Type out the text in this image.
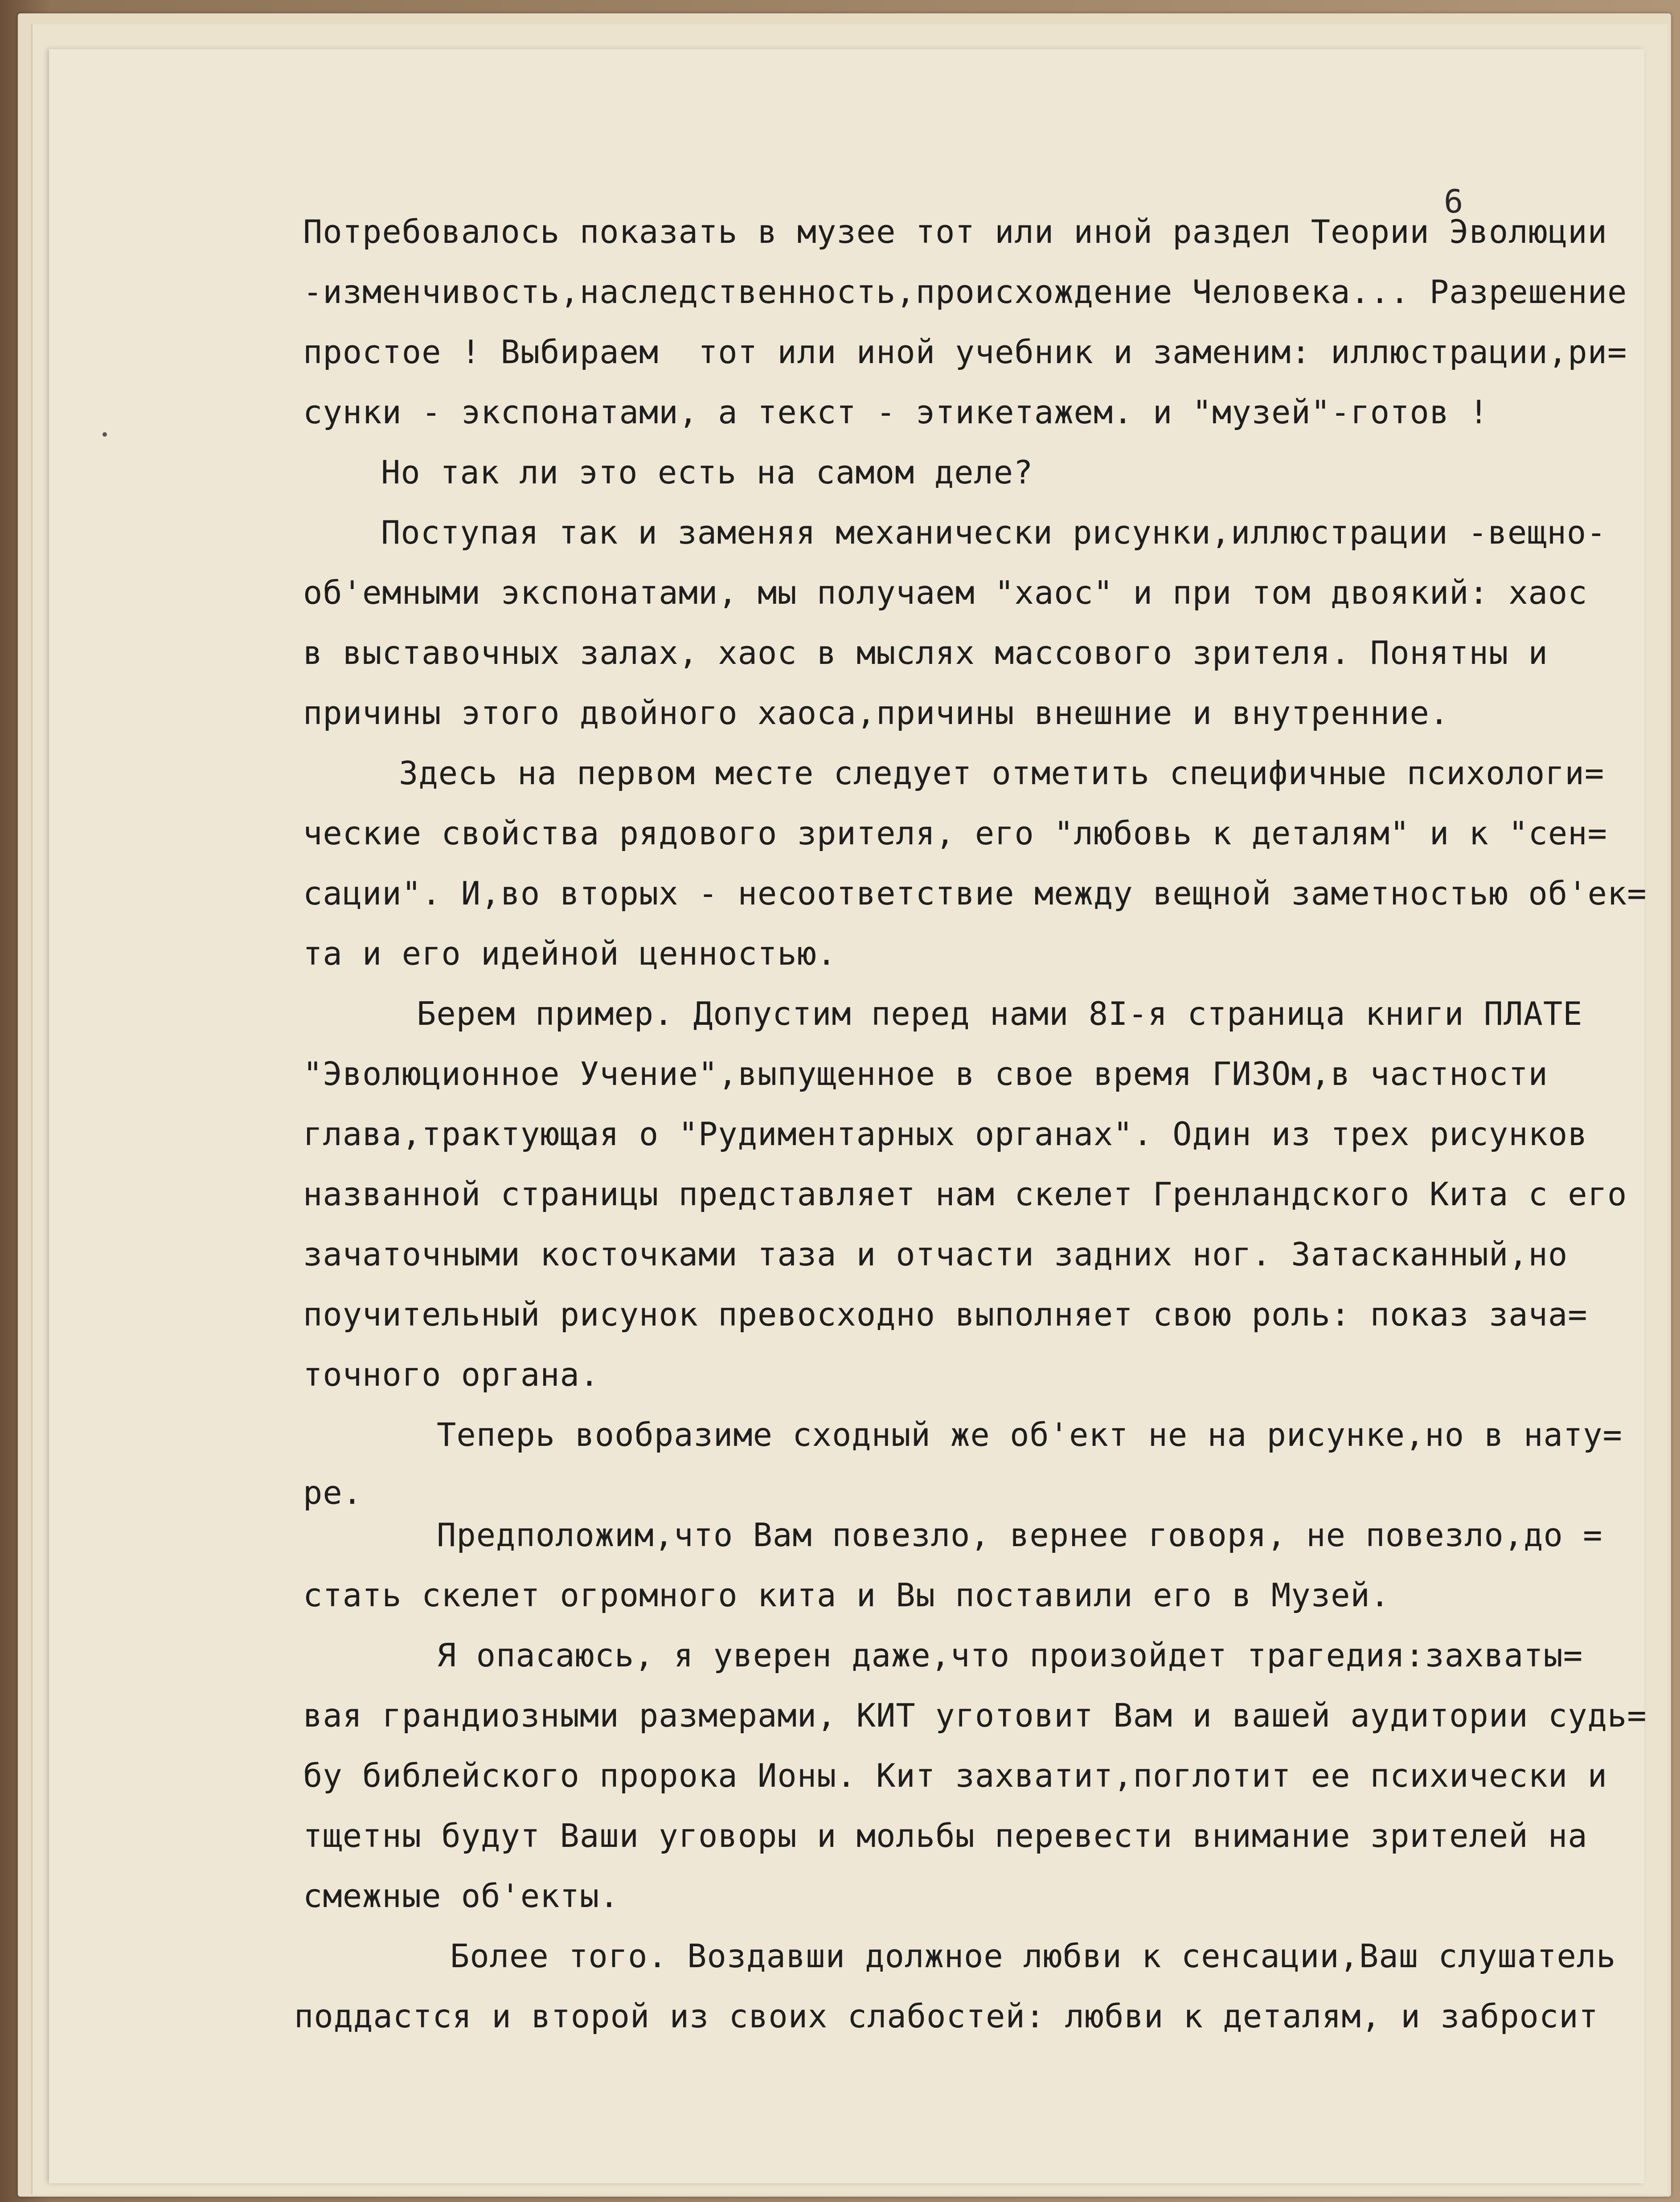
6
Потребовалось показать в музее тот или иной раздел Теории Эволюции
-изменчивость,наследственность,происхождение Человека... Разрешение
простое ! Выбираем  тот или иной учебник и заменим: иллюстрации,ри=
сунки - экспонатами, а текст - этикетажем. и "музей"-готов !
Но так ли это есть на самом деле?
Поступая так и заменяя механически рисунки,иллюстрации -вещно-
об'емными экспонатами, мы получаем "хаос" и при том двоякий: хаос
в выставочных залах, хаос в мыслях массового зрителя. Понятны и
причины этого двойного хаоса,причины внешние и внутренние.
Здесь на первом месте следует отметить специфичные психологи=
ческие свойства рядового зрителя, его "любовь к деталям" и к "сен=
сации". И,во вторых - несоответствие между вещной заметностью об'ек=
та и его идейной ценностью.
Берем пример. Допустим перед нами 8I-я страница книги ПЛАТЕ
"Эволюционное Учение",выпущенное в свое время ГИЗОм,в частности
глава,трактующая о "Рудиментарных органах". Один из трех рисунков
названной страницы представляет нам скелет Гренландского Кита с его
зачаточными косточками таза и отчасти задних ног. Затасканный,но
поучительный рисунок превосходно выполняет свою роль: показ зача=
точного органа.
Теперь вообразиме сходный же об'ект не на рисунке,но в нату=
ре.
Предположим,что Вам повезло, вернее говоря, не повезло,до =
стать скелет огромного кита и Вы поставили его в Музей.
Я опасаюсь, я уверен даже,что произойдет трагедия:захваты=
вая грандиозными размерами, КИТ уготовит Вам и вашей аудитории судь=
бу библейского пророка Ионы. Кит захватит,поглотит ее психически и
тщетны будут Ваши уговоры и мольбы перевести внимание зрителей на
смежные об'екты.
Более того. Воздавши должное любви к сенсации,Ваш слушатель
поддастся и второй из своих слабостей: любви к деталям, и забросит
